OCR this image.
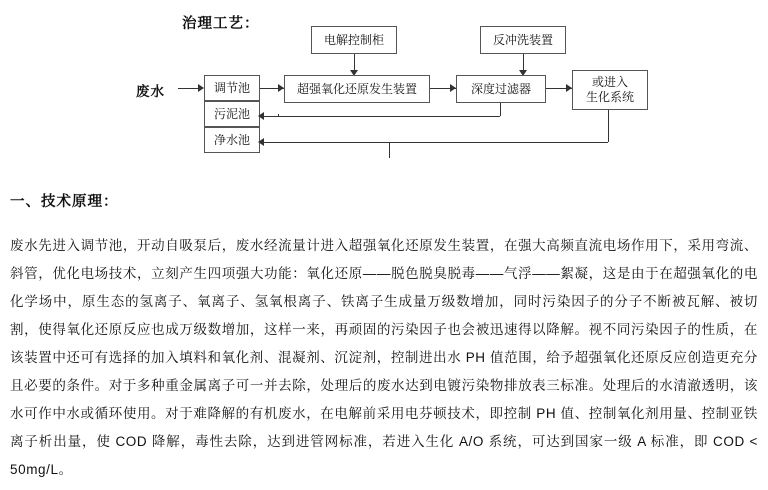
治理工艺：
废水
电解控制柜	反冲洗装置
调节池
污泥池
净水池
超强氧化还原发生装置	深度过滤器	或进入
生化系统
一、技术原理：
废水先进入调节池，开动自吸泵后，废水经流量计进入超强氧化还原发生装置，在强大高频直流电场作用下，采用弯流、斜管，优化电场技术，立刻产生四项强大功能：氧化还原——脱色脱臭脱毒——气浮——絮凝，这是由于在超强氧化的电化学场中，原生态的氢离子、氧离子、氢氧根离子、铁离子生成量万级数增加，同时污染因子的分子不断被瓦解、被切割，使得氧化还原反应也成万级数增加，这样一来，再顽固的污染因子也会被迅速得以降解。视不同污染因子的性质，在该装置中还可有选择的加入填料和氧化剂、混凝剂、沉淀剂，控制进出水 PH 值范围，给予超强氧化还原反应创造更充分且必要的条件。对于多种重金属离子可一并去除，处理后的废水达到电镀污染物排放表三标准。处理后的水清澈透明，该水可作中水或循环使用。对于难降解的有机废水，在电解前采用电芬顿技术，即控制 PH 值、控制氧化剂用量、控制亚铁离子析出量，使 COD 降解，毒性去除，达到进管网标准，若进入生化 A/O 系统，可达到国家一级 A 标准，即 COD < 50mg/L。
